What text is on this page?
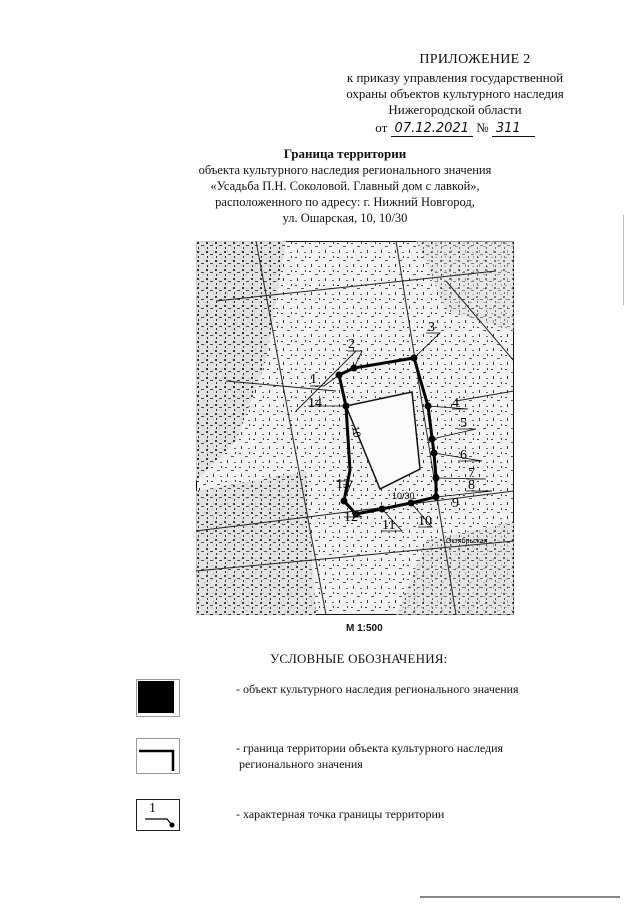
ПРИЛОЖЕНИЕ 2
к приказу управления государственной
охраны объектов культурного наследия
Нижегородской области
от 07.12.2021 № 311
Граница территории
объекта культурного наследия регионального значения
«Усадьба П.Н. Соколовой. Главный дом с лавкой»,
расположенного по адресу: г. Нижний Новгород,
ул. Ошарская, 10, 10/30
1
2
3
4
5
6
7
8
9
10
11
12
13
14
10
10/30
Октябрьская
М 1:500
УСЛОВНЫЕ ОБОЗНАЧЕНИЯ:
- объект культурного наследия регионального значения
- граница территории объекта культурного наследия
регионального значения
1	- характерная точка границы территории
